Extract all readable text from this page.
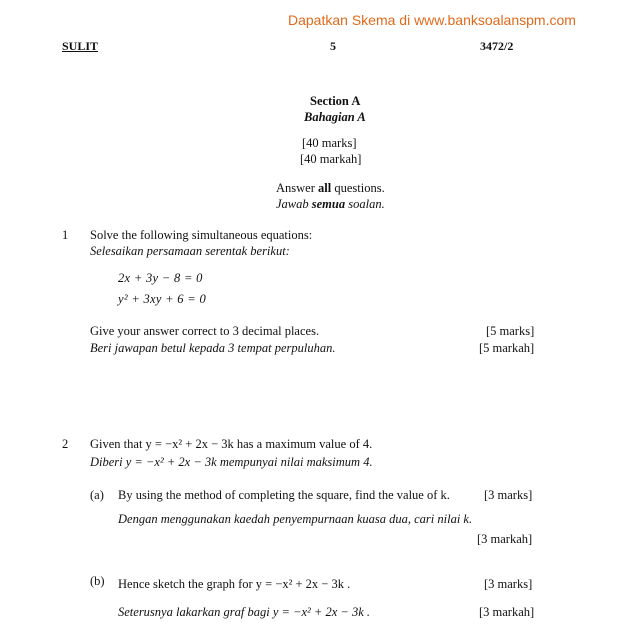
Dapatkan Skema di www.banksoalanspm.com
SULIT	5	3472/2
Section A
Bahagian A
[40 marks]
[40 markah]
Answer all questions.
Jawab semua soalan.
1 Solve the following simultaneous equations:
Selesaikan persamaan serentak berikut:
2x + 3y − 8 = 0
y² + 3xy + 6 = 0
Give your answer correct to 3 decimal places.	[5 marks]
Beri jawapan betul kepada 3 tempat perpuluhan.	[5 markah]
2 Given that y = −x² + 2x − 3k has a maximum value of 4.
Diberi y = −x² + 2x − 3k mempunyai nilai maksimum 4.
(a) By using the method of completing the square, find the value of k.	[3 marks]
Dengan menggunakan kaedah penyempurnaan kuasa dua, cari nilai k.
[3 markah]
(b) Hence sketch the graph for y = −x² + 2x − 3k .	[3 marks]
Seterusnya lakarkan graf bagi y = −x² + 2x − 3k .	[3 markah]
